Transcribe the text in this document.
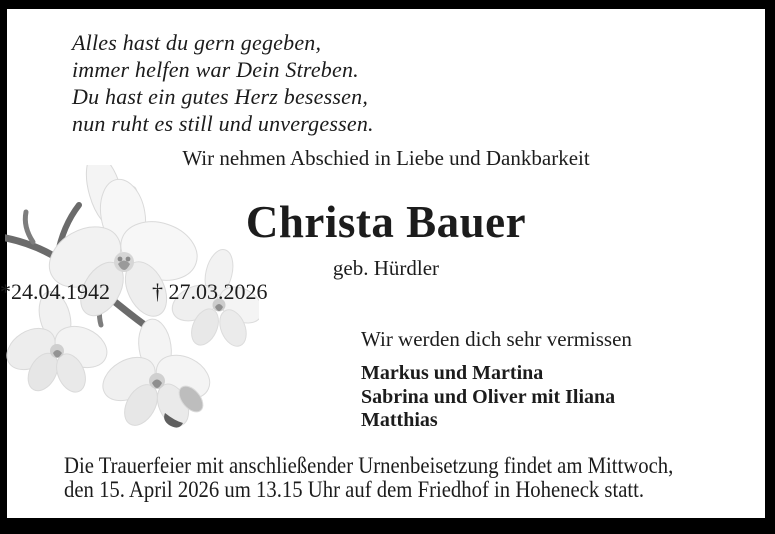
Alles hast du gern gegeben,
immer helfen war Dein Streben.
Du hast ein gutes Herz besessen,
nun ruht es still und unvergessen.
Wir nehmen Abschied in Liebe und Dankbarkeit
Christa Bauer
geb. Hürdler
*24.04.1942 † 27.03.2026
Wir werden dich sehr vermissen
Markus und Martina
Sabrina und Oliver mit Iliana
Matthias
Die Trauerfeier mit anschließender Urnenbeisetzung findet am Mittwoch,
den 15. April 2026 um 13.15 Uhr auf dem Friedhof in Hoheneck statt.
